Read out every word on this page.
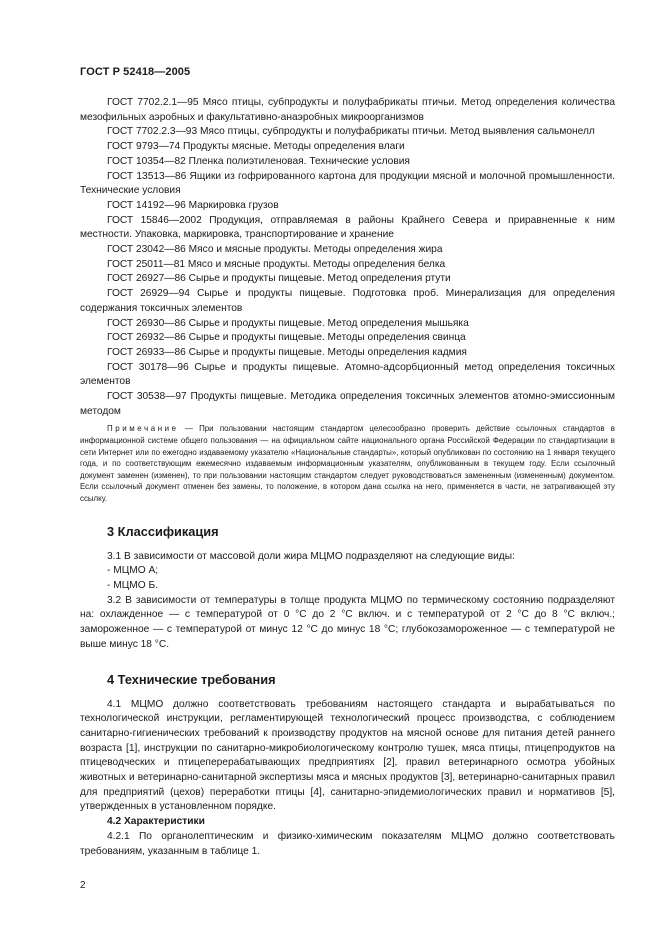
ГОСТ Р 52418—2005

ГОСТ 7702.2.1—95 Мясо птицы, субпродукты и полуфабрикаты птичьи. Метод определения количества мезофильных аэробных и факультативно-анаэробных микроорганизмов

ГОСТ 7702.2.3—93 Мясо птицы, субпродукты и полуфабрикаты птичьи. Метод выявления сальмонелл

ГОСТ 9793—74 Продукты мясные. Методы определения влаги

ГОСТ 10354—82 Пленка полиэтиленовая. Технические условия

ГОСТ 13513—86 Ящики из гофрированного картона для продукции мясной и молочной промышленности. Технические условия

ГОСТ 14192—96 Маркировка грузов

ГОСТ 15846—2002 Продукция, отправляемая в районы Крайнего Севера и приравненные к ним местности. Упаковка, маркировка, транспортирование и хранение

ГОСТ 23042—86 Мясо и мясные продукты. Методы определения жира

ГОСТ 25011—81 Мясо и мясные продукты. Методы определения белка

ГОСТ 26927—86 Сырье и продукты пищевые. Метод определения ртути

ГОСТ 26929—94 Сырье и продукты пищевые. Подготовка проб. Минерализация для определения содержания токсичных элементов

ГОСТ 26930—86 Сырье и продукты пищевые. Метод определения мышьяка

ГОСТ 26932—86 Сырье и продукты пищевые. Методы определения свинца

ГОСТ 26933—86 Сырье и продукты пищевые. Методы определения кадмия

ГОСТ 30178—96 Сырье и продукты пищевые. Атомно-адсорбционный метод определения токсичных элементов

ГОСТ 30538—97 Продукты пищевые. Методика определения токсичных элементов атомно-эмиссионным методом

Примечание — При пользовании настоящим стандартом целесообразно проверить действие ссылочных стандартов в информационной системе общего пользования — на официальном сайте национального органа Российской Федерации по стандартизации в сети Интернет или по ежегодно издаваемому указателю «Национальные стандарты», который опубликован по состоянию на 1 января текущего года, и по соответствующим ежемесячно издаваемым информационным указателям, опубликованным в текущем году. Если ссылочный документ заменен (изменен), то при пользовании настоящим стандартом следует руководствоваться замененным (измененным) документом. Если ссылочный документ отменен без замены, то положение, в котором дана ссылка на него, применяется в части, не затрагивающей эту ссылку.

3 Классификация

3.1 В зависимости от массовой доли жира МЦМО подразделяют на следующие виды:

- МЦМО А;

- МЦМО Б.

3.2 В зависимости от температуры в толще продукта МЦМО по термическому состоянию подразделяют на: охлажденное — с температурой от 0 °С до 2 °С включ. и с температурой от 2 °С до 8 °С включ.; замороженное — с температурой от минус 12 °С до минус 18 °С; глубокозамороженное — с температурой не выше минус 18 °С.

4 Технические требования

4.1 МЦМО должно соответствовать требованиям настоящего стандарта и вырабатываться по технологической инструкции, регламентирующей технологический процесс производства, с соблюдением санитарно-гигиенических требований к производству продуктов на мясной основе для питания детей раннего возраста [1], инструкции по санитарно-микробиологическому контролю тушек, мяса птицы, птицепродуктов на птицеводческих и птицеперерабатывающих предприятиях [2], правил ветеринарного осмотра убойных животных и ветеринарно-санитарной экспертизы мяса и мясных продуктов [3], ветеринарно-санитарных правил для предприятий (цехов) переработки птицы [4], санитарно-эпидемиологических правил и нормативов [5], утвержденных в установленном порядке.

4.2 Характеристики

4.2.1 По органолептическим и физико-химическим показателям МЦМО должно соответствовать требованиям, указанным в таблице 1.

2
